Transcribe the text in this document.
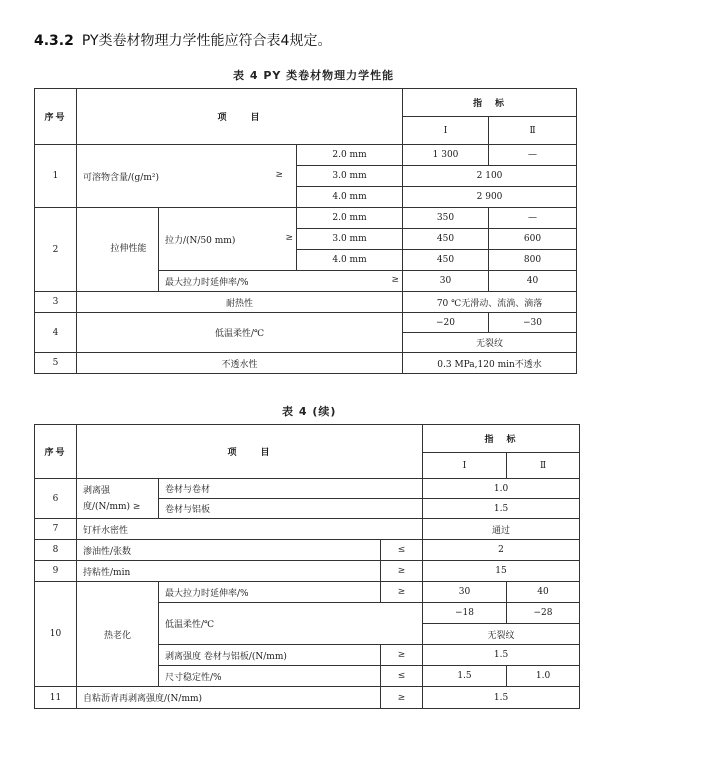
4.3.2 PY类卷材物理力学性能应符合表4规定。
表 4 PY 类卷材物理力学性能
序号	项　　目			指　标	
				Ⅰ	Ⅱ
1	可溶物含量/(g/m²) ≥		2.0 mm	1 300	—
			3.0 mm	2 100	
			4.0 mm	2 900	
2	拉伸性能	拉力/(N/50 mm) ≥	2.0 mm	350	—
			3.0 mm	450	600
			4.0 mm	450	800
		最大拉力时延伸率/% ≥		30	40
3	耐热性			70 ℃无滑动、流淌、滴落	
4	低温柔性/℃			−20	−30
				无裂纹	
5	不透水性			0.3 MPa,120 min不透水	
表 4 (续)
序号	项　　目			指　标	
				Ⅰ	Ⅱ
6	剥离强度/(N/mm) ≥	卷材与卷材		1.0	
		卷材与铝板		1.5	
7	钉杆水密性			通过	
8	渗油性/张数		≤	2	
9	持粘性/min		≥	15	
10	热老化	最大拉力时延伸率/%	≥	30	40
		低温柔性/℃		−18	−28
				无裂纹	
		剥离强度 卷材与铝板/(N/mm)	≥	1.5	
		尺寸稳定性/%	≤	1.5	1.0
11	自粘沥青再剥离强度/(N/mm)		≥	1.5	
